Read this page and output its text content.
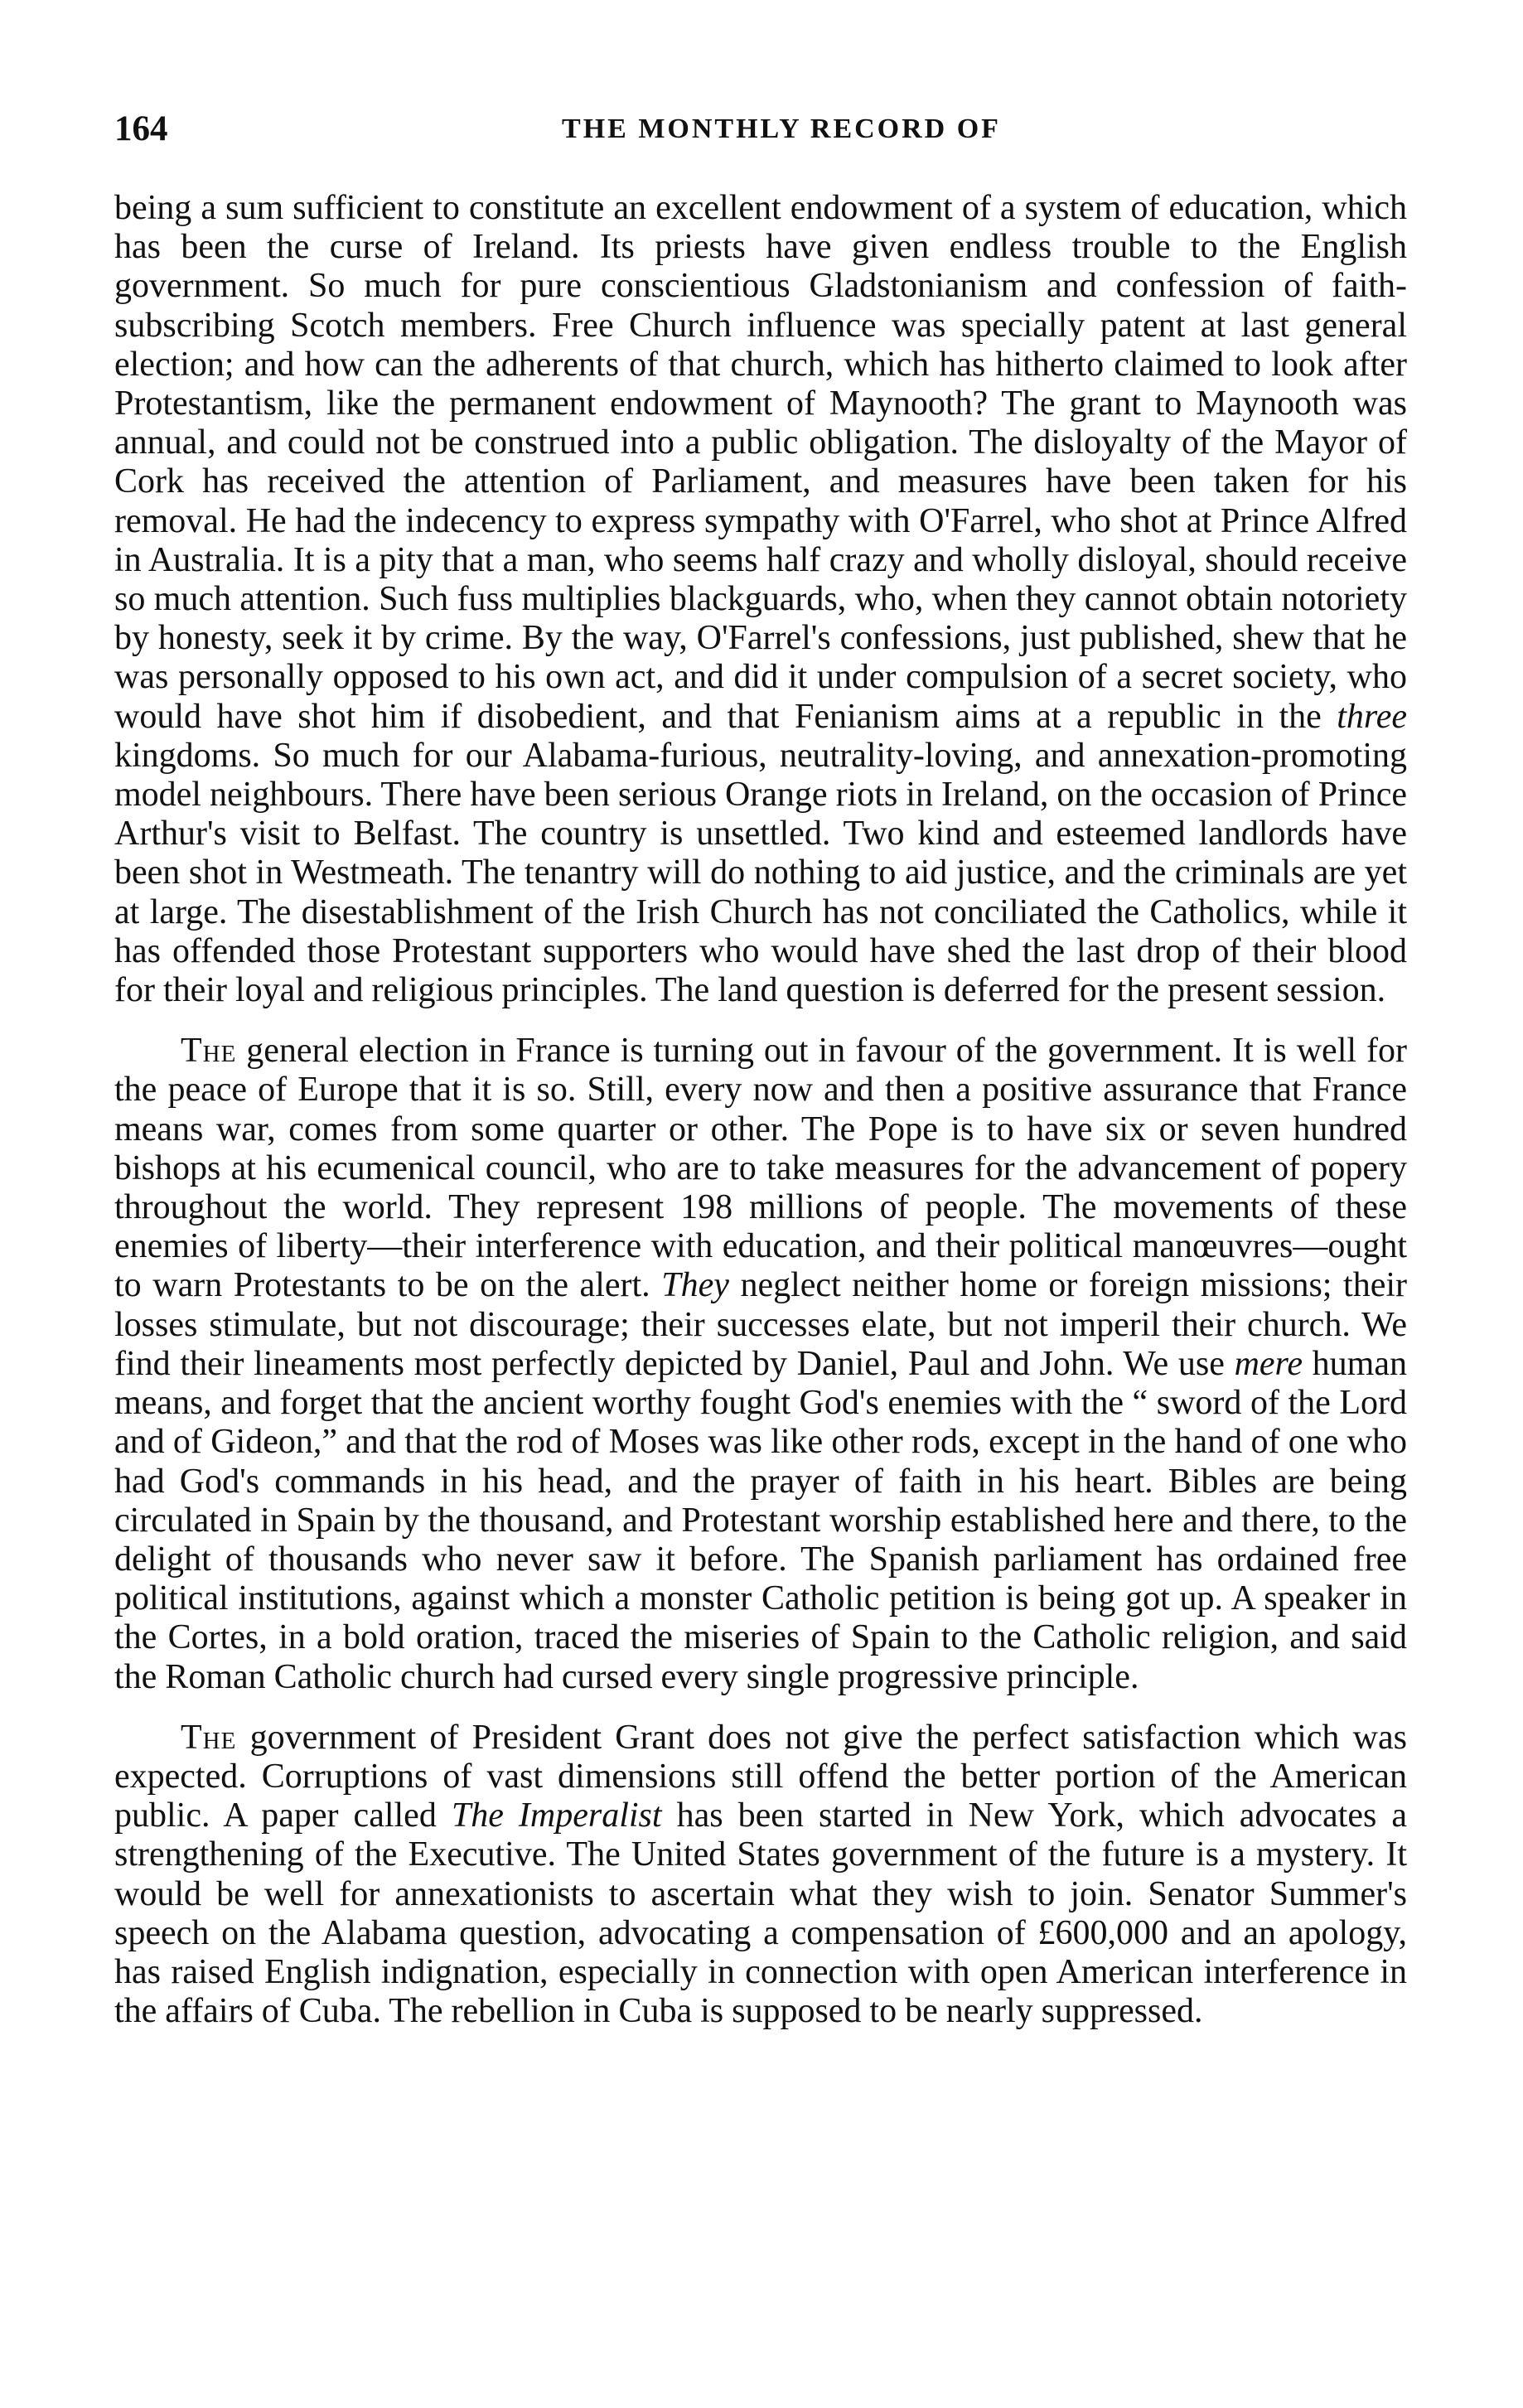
164	THE MONTHLY RECORD OF

being a sum sufficient to constitute an excellent endowment of a system of education, which has been the curse of Ireland. Its priests have given endless trouble to the English government. So much for pure conscientious Gladstonianism and confession of faith-subscribing Scotch members. Free Church influence was specially patent at last general election; and how can the adherents of that church, which has hitherto claimed to look after Protestantism, like the permanent endowment of Maynooth? The grant to Maynooth was annual, and could not be construed into a public obligation. The disloyalty of the Mayor of Cork has received the attention of Parliament, and measures have been taken for his removal. He had the indecency to express sympathy with O'Farrel, who shot at Prince Alfred in Australia. It is a pity that a man, who seems half crazy and wholly disloyal, should receive so much attention. Such fuss multiplies blackguards, who, when they cannot obtain notoriety by honesty, seek it by crime. By the way, O'Farrel's confessions, just published, shew that he was personally opposed to his own act, and did it under compulsion of a secret society, who would have shot him if disobedient, and that Fenianism aims at a republic in the three kingdoms. So much for our Alabama-furious, neutrality-loving, and annexation-promoting model neighbours. There have been serious Orange riots in Ireland, on the occasion of Prince Arthur's visit to Belfast. The country is unsettled. Two kind and esteemed landlords have been shot in Westmeath. The tenantry will do nothing to aid justice, and the criminals are yet at large. The disestablishment of the Irish Church has not conciliated the Catholics, while it has offended those Protestant supporters who would have shed the last drop of their blood for their loyal and religious principles. The land question is deferred for the present session.

The general election in France is turning out in favour of the government. It is well for the peace of Europe that it is so. Still, every now and then a positive assurance that France means war, comes from some quarter or other. The Pope is to have six or seven hundred bishops at his ecumenical council, who are to take measures for the advancement of popery throughout the world. They represent 198 millions of people. The movements of these enemies of liberty—their interference with education, and their political manœuvres—ought to warn Protestants to be on the alert. They neglect neither home or foreign missions; their losses stimulate, but not discourage; their successes elate, but not imperil their church. We find their lineaments most perfectly depicted by Daniel, Paul and John. We use mere human means, and forget that the ancient worthy fought God's enemies with the “ sword of the Lord and of Gideon,” and that the rod of Moses was like other rods, except in the hand of one who had God's commands in his head, and the prayer of faith in his heart. Bibles are being circulated in Spain by the thousand, and Protestant worship established here and there, to the delight of thousands who never saw it before. The Spanish parliament has ordained free political institutions, against which a monster Catholic petition is being got up. A speaker in the Cortes, in a bold oration, traced the miseries of Spain to the Catholic religion, and said the Roman Catholic church had cursed every single progressive principle.

The government of President Grant does not give the perfect satisfaction which was expected. Corruptions of vast dimensions still offend the better portion of the American public. A paper called The Imperalist has been started in New York, which advocates a strengthening of the Executive. The United States government of the future is a mystery. It would be well for annexationists to ascertain what they wish to join. Senator Summer's speech on the Alabama question, advocating a compensation of £600,000 and an apology, has raised English indignation, especially in connection with open American interference in the affairs of Cuba. The rebellion in Cuba is supposed to be nearly suppressed.
